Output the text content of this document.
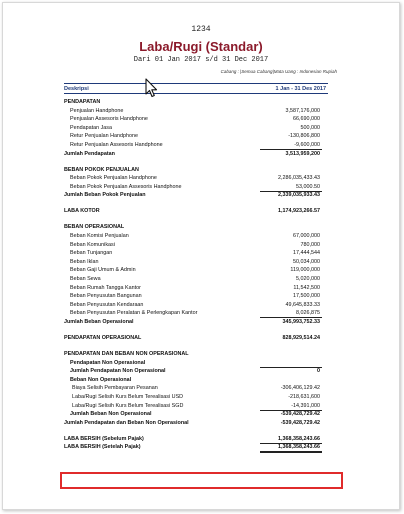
1234
Laba/Rugi (Standar)
Dari 01 Jan 2017 s/d 31 Dec 2017
Cabang : |Semua Cabang|Mata Uang : Indonesian Rupiah
Deskripsi	1 Jan - 31 Des 2017
PENDAPATAN
Penjualan Handphone	3,587,176,000
Penjualan Assesoris Handphone	66,690,000
Pendapatan Jasa	500,000
Retur Penjualan Handphone	-130,806,800
Retur Penjualan Assesoris Handphone	-9,600,000
Jumlah Pendapatan	3,513,959,200
BEBAN POKOK PENJUALAN
Beban Pokok Penjualan Handphone	2,286,035,433.43
Beban Pokok Penjualan Assesoris Handphone	53,000.50
Jumlah Beban Pokok Penjualan	2,339,035,933.43
LABA KOTOR	1,174,923,266.57
BEBAN OPERASIONAL
Beban Komisi Penjualan	67,000,000
Beban Komunikasi	780,000
Beban Tunjangan	17,444,544
Beban Iklan	50,034,000
Beban Gaji Umum & Admin	119,000,000
Beban Sewa	5,020,000
Beban Rumah Tangga Kantor	11,542,500
Beban Penyusutan Bangunan	17,500,000
Beban Penyusutan Kendaraan	49,645,833.33
Beban Penyusutan Peralatan & Perlengkapan Kantor	8,026,875
Jumlah Beban Operasional	345,993,752.33
PENDAPATAN OPERASIONAL	828,929,514.24
PENDAPATAN DAN BEBAN NON OPERASIONAL
Pendapatan Non Operasional
Jumlah Pendapatan Non Operasional	0
Beban Non Operasional
Biaya Selisih Pembayaran Pesanan	-306,406,129.42
Laba/Rugi Selisih Kurs Belum Terealisasi USD	-218,631,600
Laba/Rugi Selisih Kurs Belum Terealisasi SGD	-14,391,000
Jumlah Beban Non Operasional	-539,428,729.42
Jumlah Pendapatan dan Beban Non Operasional	-539,428,729.42
LABA BERSIH (Sebelum Pajak)	1,368,358,243.66
LABA BERSIH (Setelah Pajak)	1,368,358,243.66
